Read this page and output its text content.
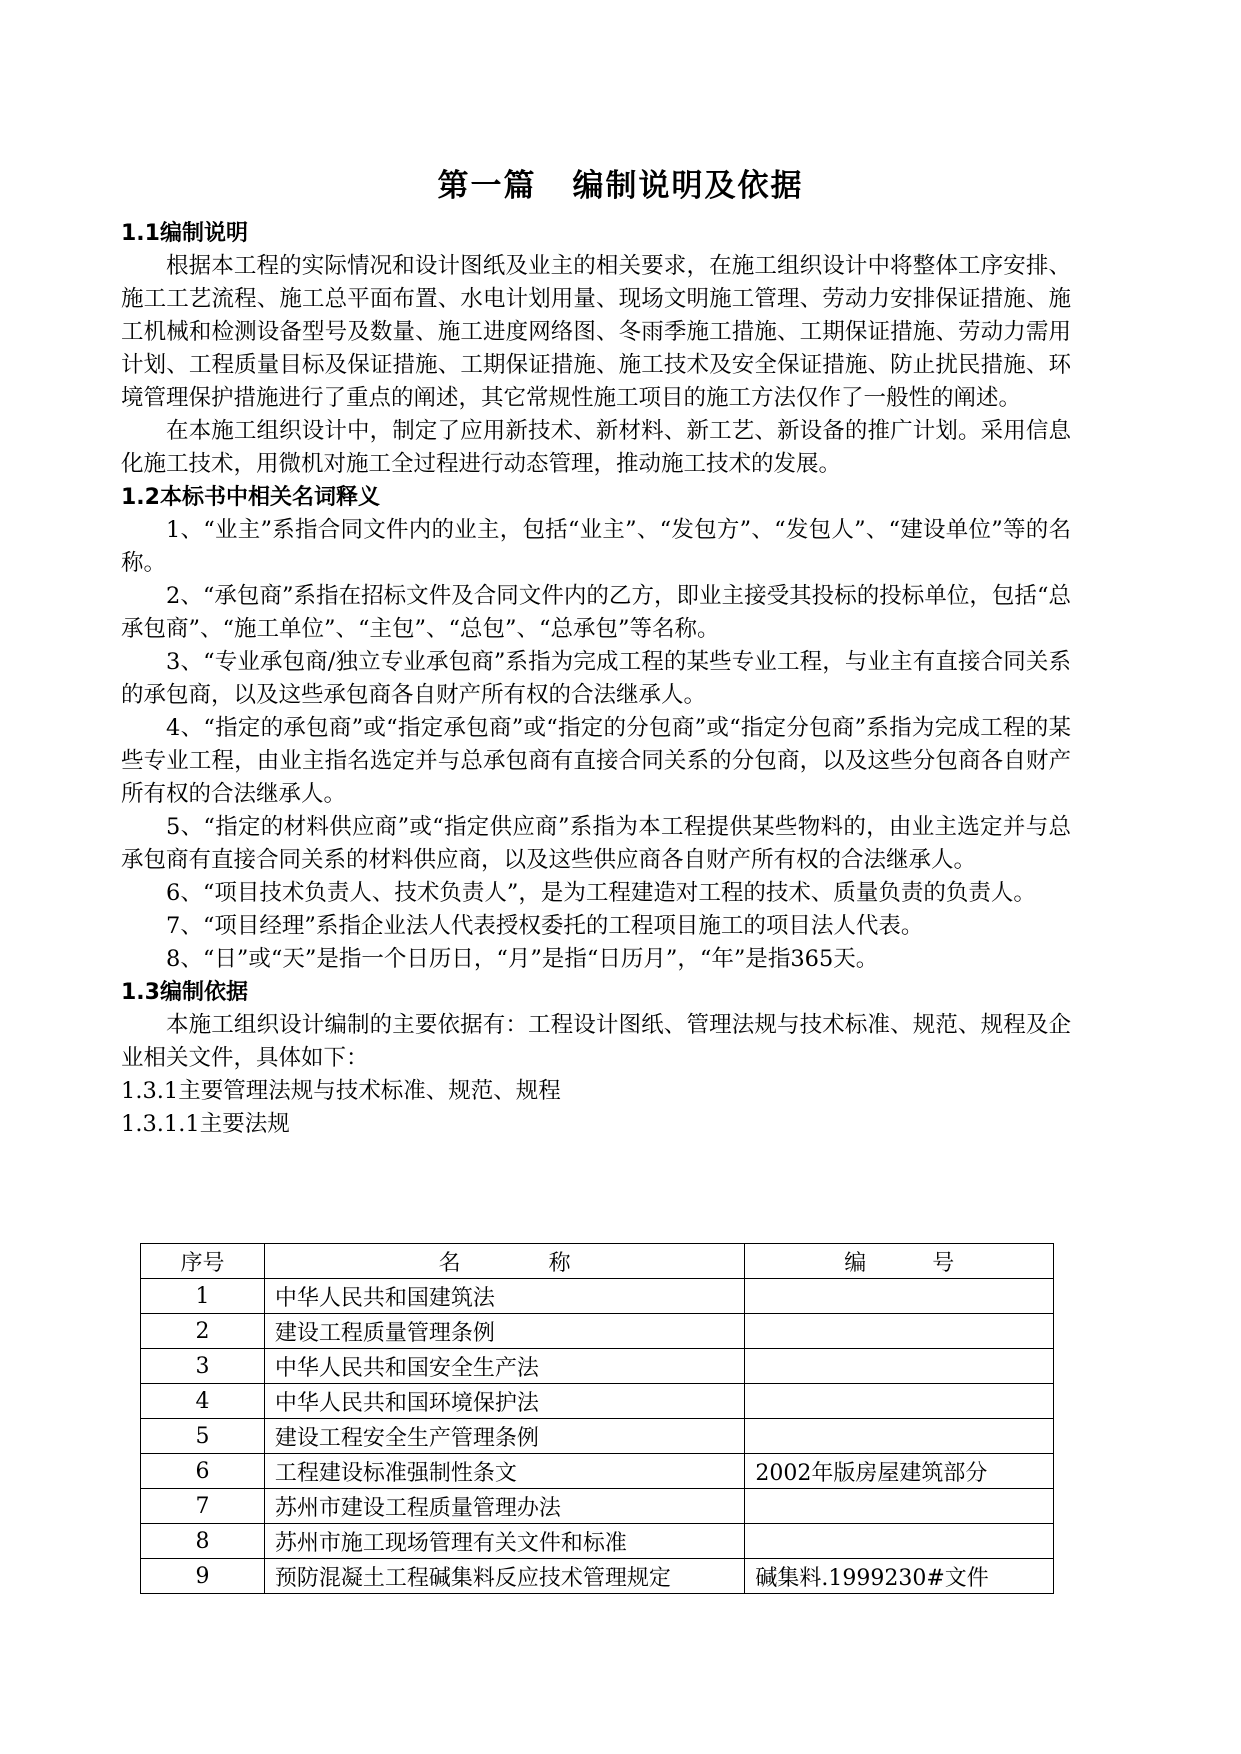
第一篇 编制说明及依据

1.1编制说明

根据本工程的实际情况和设计图纸及业主的相关要求，在施工组织设计中将整体工序安排、施工工艺流程、施工总平面布置、水电计划用量、现场文明施工管理、劳动力安排保证措施、施工机械和检测设备型号及数量、施工进度网络图、冬雨季施工措施、工期保证措施、劳动力需用计划、工程质量目标及保证措施、工期保证措施、施工技术及安全保证措施、防止扰民措施、环境管理保护措施进行了重点的阐述，其它常规性施工项目的施工方法仅作了一般性的阐述。

在本施工组织设计中，制定了应用新技术、新材料、新工艺、新设备的推广计划。采用信息化施工技术，用微机对施工全过程进行动态管理，推动施工技术的发展。

1.2本标书中相关名词释义

1、“业主”系指合同文件内的业主，包括“业主”、“发包方”、“发包人”、“建设单位”等的名称。

2、“承包商”系指在招标文件及合同文件内的乙方，即业主接受其投标的投标单位，包括“总承包商”、“施工单位”、“主包”、“总包”、“总承包”等名称。

3、“专业承包商/独立专业承包商”系指为完成工程的某些专业工程，与业主有直接合同关系的承包商，以及这些承包商各自财产所有权的合法继承人。

4、“指定的承包商”或“指定承包商”或“指定的分包商”或“指定分包商”系指为完成工程的某些专业工程，由业主指名选定并与总承包商有直接合同关系的分包商，以及这些分包商各自财产所有权的合法继承人。

5、“指定的材料供应商”或“指定供应商”系指为本工程提供某些物料的，由业主选定并与总承包商有直接合同关系的材料供应商，以及这些供应商各自财产所有权的合法继承人。

6、“项目技术负责人、技术负责人”，是为工程建造对工程的技术、质量负责的负责人。

7、“项目经理”系指企业法人代表授权委托的工程项目施工的项目法人代表。

8、“日”或“天”是指一个日历日，“月”是指“日历月”，“年”是指365天。

1.3编制依据

本施工组织设计编制的主要依据有：工程设计图纸、管理法规与技术标准、规范、规程及企业相关文件，具体如下：

1.3.1主要管理法规与技术标准、规范、规程

1.3.1.1主要法规

序号	名　　　　称	编　　　号
1	中华人民共和国建筑法	
2	建设工程质量管理条例	
3	中华人民共和国安全生产法	
4	中华人民共和国环境保护法	
5	建设工程安全生产管理条例	
6	工程建设标准强制性条文	2002年版房屋建筑部分
7	苏州市建设工程质量管理办法	
8	苏州市施工现场管理有关文件和标准	
9	预防混凝土工程碱集料反应技术管理规定	碱集料.1999230#文件
